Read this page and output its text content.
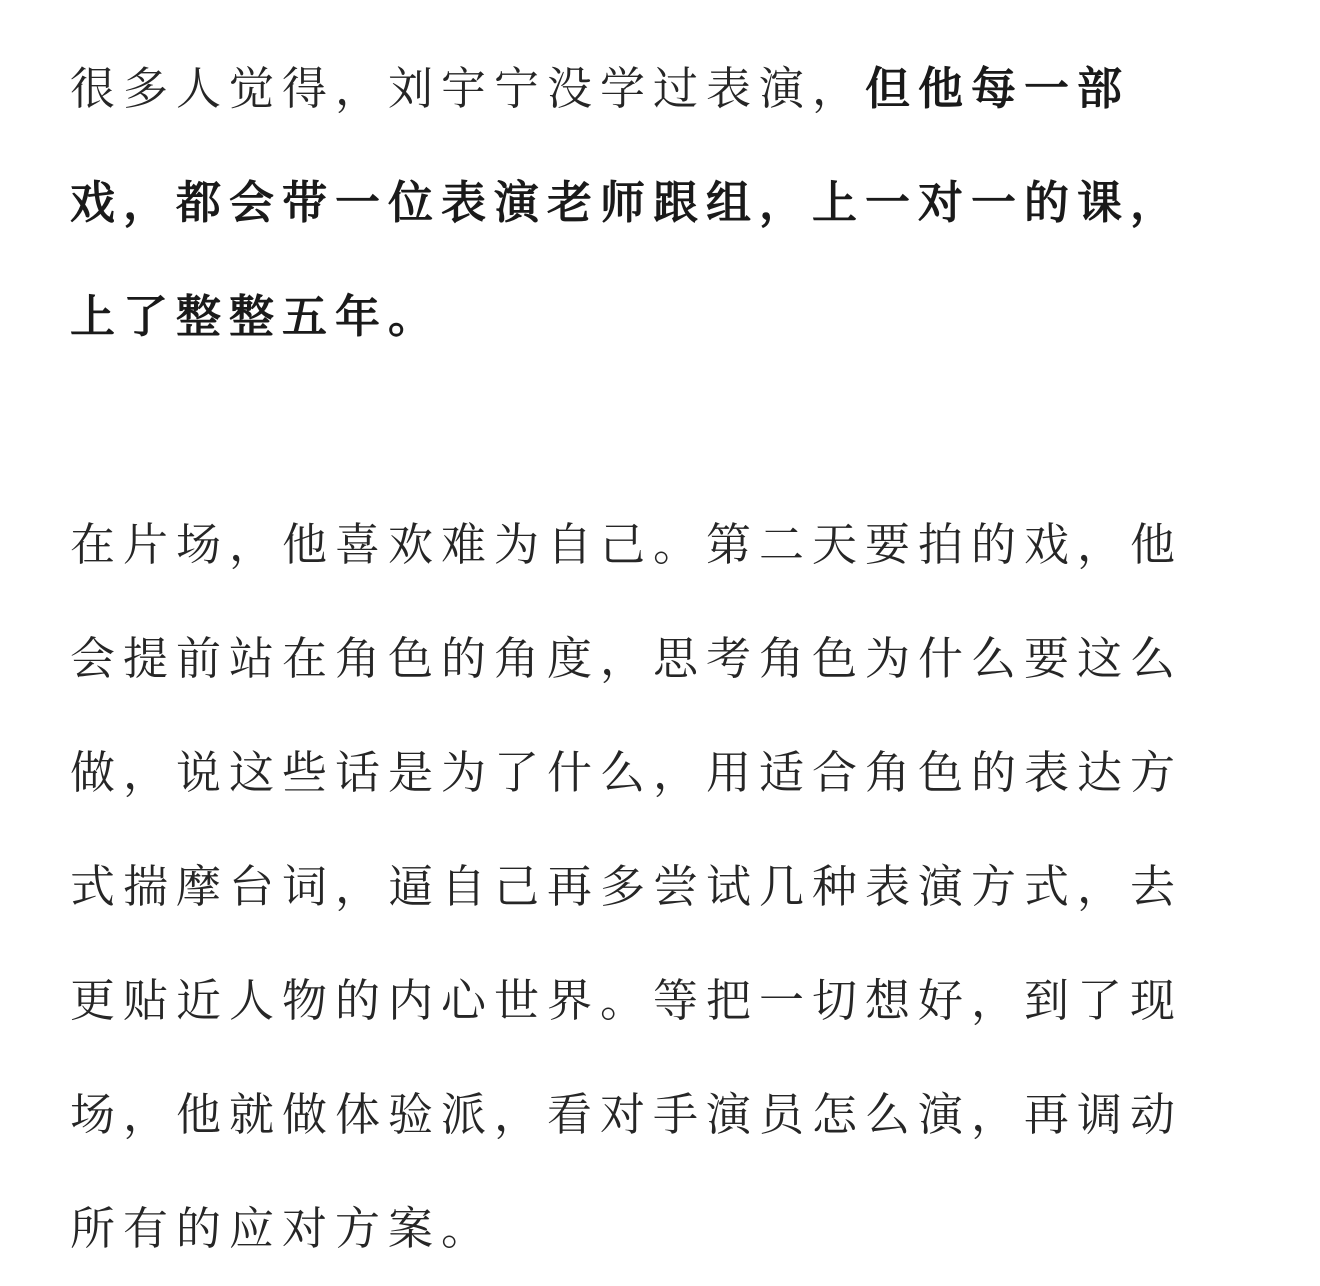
很多人觉得，刘宇宁没学过表演，但他每一部
戏，都会带一位表演老师跟组，上一对一的课，
上了整整五年。
在片场，他喜欢难为自己。第二天要拍的戏，他
会提前站在角色的角度，思考角色为什么要这么
做，说这些话是为了什么，用适合角色的表达方
式揣摩台词，逼自己再多尝试几种表演方式，去
更贴近人物的内心世界。等把一切想好，到了现
场，他就做体验派，看对手演员怎么演，再调动
所有的应对方案。
